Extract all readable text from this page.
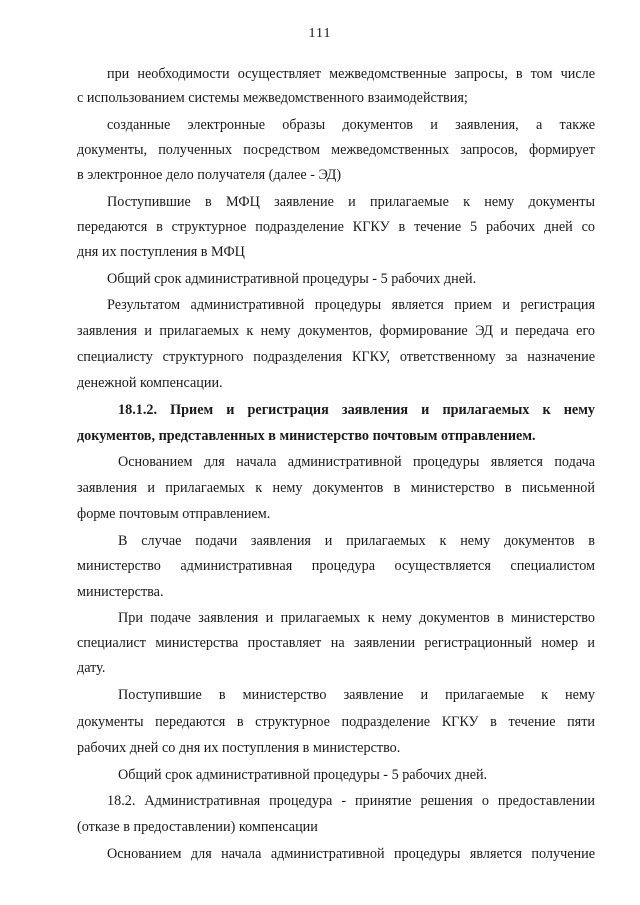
111
при необходимости осуществляет межведомственные запросы, в том числе
с использованием системы межведомственного взаимодействия;
созданные электронные образы документов и заявления, а также
документы, полученных посредством межведомственных запросов, формирует
в электронное дело получателя (далее - ЭД)
Поступившие в МФЦ заявление и прилагаемые к нему документы
передаются в структурное подразделение КГКУ в течение 5 рабочих дней со
дня их поступления в МФЦ
Общий срок административной процедуры - 5 рабочих дней.
Результатом административной процедуры является прием и регистрация
заявления и прилагаемых к нему документов, формирование ЭД и передача его
специалисту структурного подразделения КГКУ, ответственному за назначение
денежной компенсации.
18.1.2. Прием и регистрация заявления и прилагаемых к нему
документов, представленных в министерство почтовым отправлением.
Основанием для начала административной процедуры является подача
заявления и прилагаемых к нему документов в министерство в письменной
форме почтовым отправлением.
В случае подачи заявления и прилагаемых к нему документов в
министерство административная процедура осуществляется специалистом
министерства.
При подаче заявления и прилагаемых к нему документов в министерство
специалист министерства проставляет на заявлении регистрационный номер и
дату.
Поступившие в министерство заявление и прилагаемые к нему
документы передаются в структурное подразделение КГКУ в течение пяти
рабочих дней со дня их поступления в министерство.
Общий срок административной процедуры - 5 рабочих дней.
18.2. Административная процедура - принятие решения о предоставлении
(отказе в предоставлении) компенсации
Основанием для начала административной процедуры является получение
